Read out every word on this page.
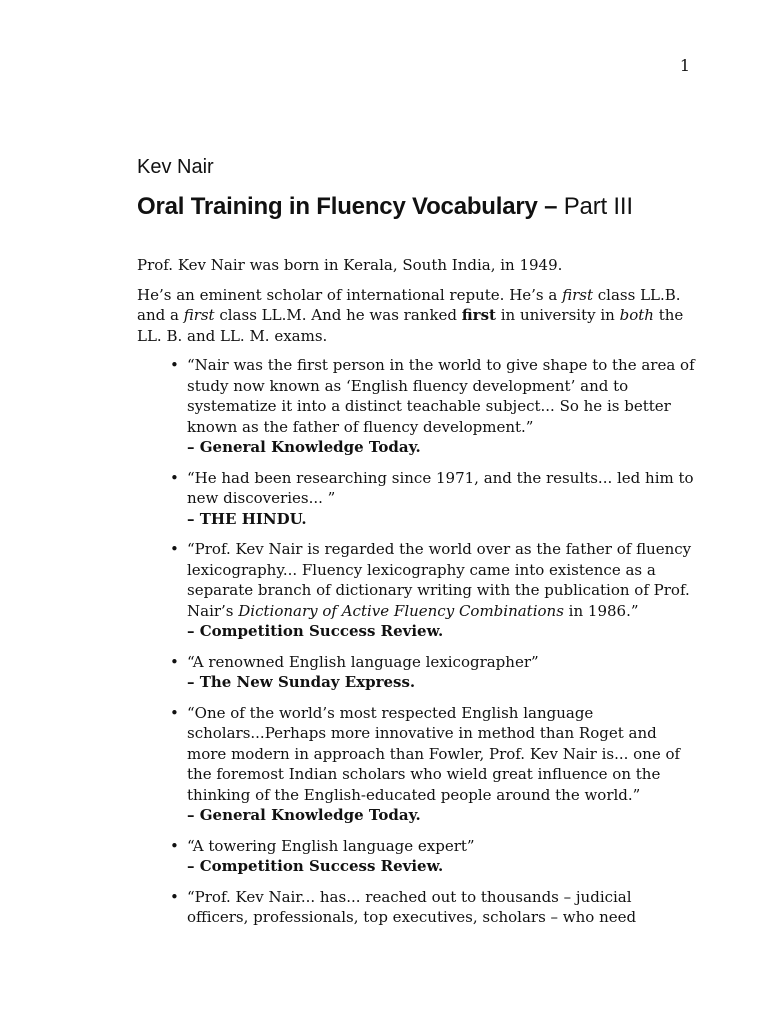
1
Kev Nair
Oral Training in Fluency Vocabulary – Part III

Prof. Kev Nair was born in Kerala, South India, in 1949.

He’s an eminent scholar of international repute. He’s a first class LL.B. and a first class LL.M. And he was ranked first in university in both the LL. B. and LL. M. exams.

• “Nair was the first person in the world to give shape to the area of study now known as ‘English fluency development’ and to systematize it into a distinct teachable subject... So he is better known as the father of fluency development.”
– General Knowledge Today.
• “He had been researching since 1971, and the results... led him to new discoveries... ”
– THE HINDU.
• “Prof. Kev Nair is regarded the world over as the father of fluency lexicography... Fluency lexicography came into existence as a separate branch of dictionary writing with the publication of Prof. Nair’s Dictionary of Active Fluency Combinations in 1986.”
– Competition Success Review.
• “A renowned English language lexicographer”
– The New Sunday Express.
• “One of the world’s most respected English language scholars...Perhaps more innovative in method than Roget and more modern in approach than Fowler, Prof. Kev Nair is... one of the foremost Indian scholars who wield great influence on the thinking of the English-educated people around the world.”
– General Knowledge Today.
• “A towering English language expert”
– Competition Success Review.
• “Prof. Kev Nair... has... reached out to thousands – judicial officers, professionals, top executives, scholars – who need
